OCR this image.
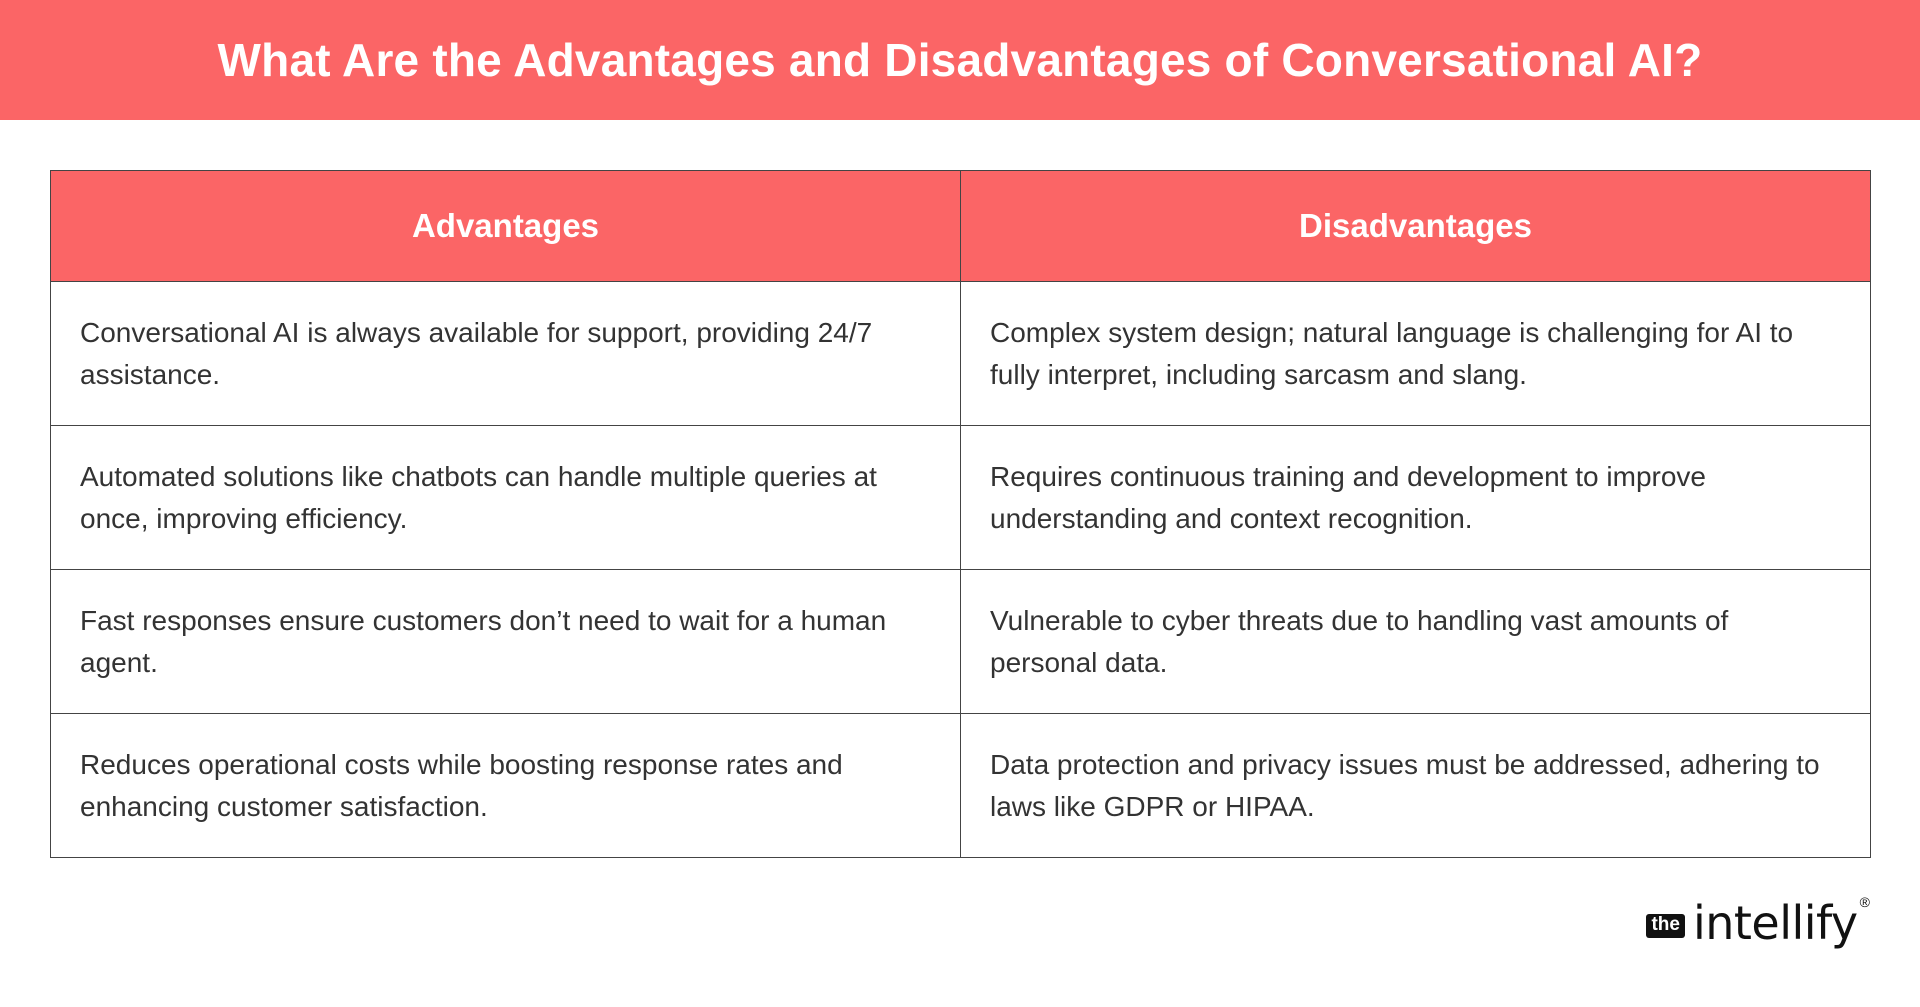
What Are the Advantages and Disadvantages of Conversational AI?
Advantages	Disadvantages
Conversational AI is always available for support, providing 24/7 assistance.	Complex system design; natural language is challenging for AI to fully interpret, including sarcasm and slang.
Automated solutions like chatbots can handle multiple queries at once, improving efficiency.	Requires continuous training and development to improve understanding and context recognition.
Fast responses ensure customers don’t need to wait for a human agent.	Vulnerable to cyber threats due to handling vast amounts of personal data.
Reduces operational costs while boosting response rates and enhancing customer satisfaction.	Data protection and privacy issues must be addressed, adhering to laws like GDPR or HIPAA.
the intellify ®
